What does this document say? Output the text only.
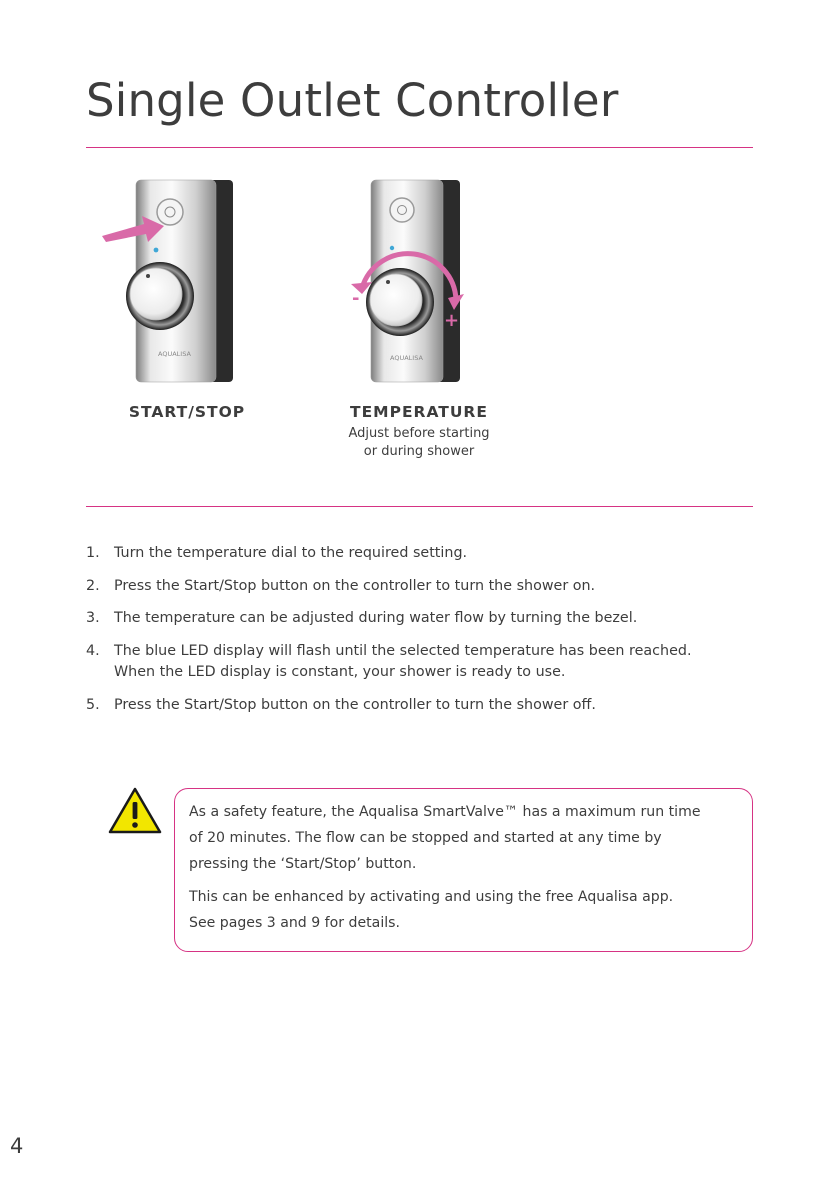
Single Outlet Controller
AQUALISA	AQUALISA
-
+
START/STOP	TEMPERATURE
Adjust before starting
or during shower
1. Turn the temperature dial to the required setting.
2. Press the Start/Stop button on the controller to turn the shower on.
3. The temperature can be adjusted during water flow by turning the bezel.
4. The blue LED display will flash until the selected temperature has been reached.
When the LED display is constant, your shower is ready to use.
5. Press the Start/Stop button on the controller to turn the shower off.

As a safety feature, the Aqualisa SmartValve™ has a maximum run time
of 20 minutes. The flow can be stopped and started at any time by
pressing the ‘Start/Stop’ button.

This can be enhanced by activating and using the free Aqualisa app.
See pages 3 and 9 for details.

4
